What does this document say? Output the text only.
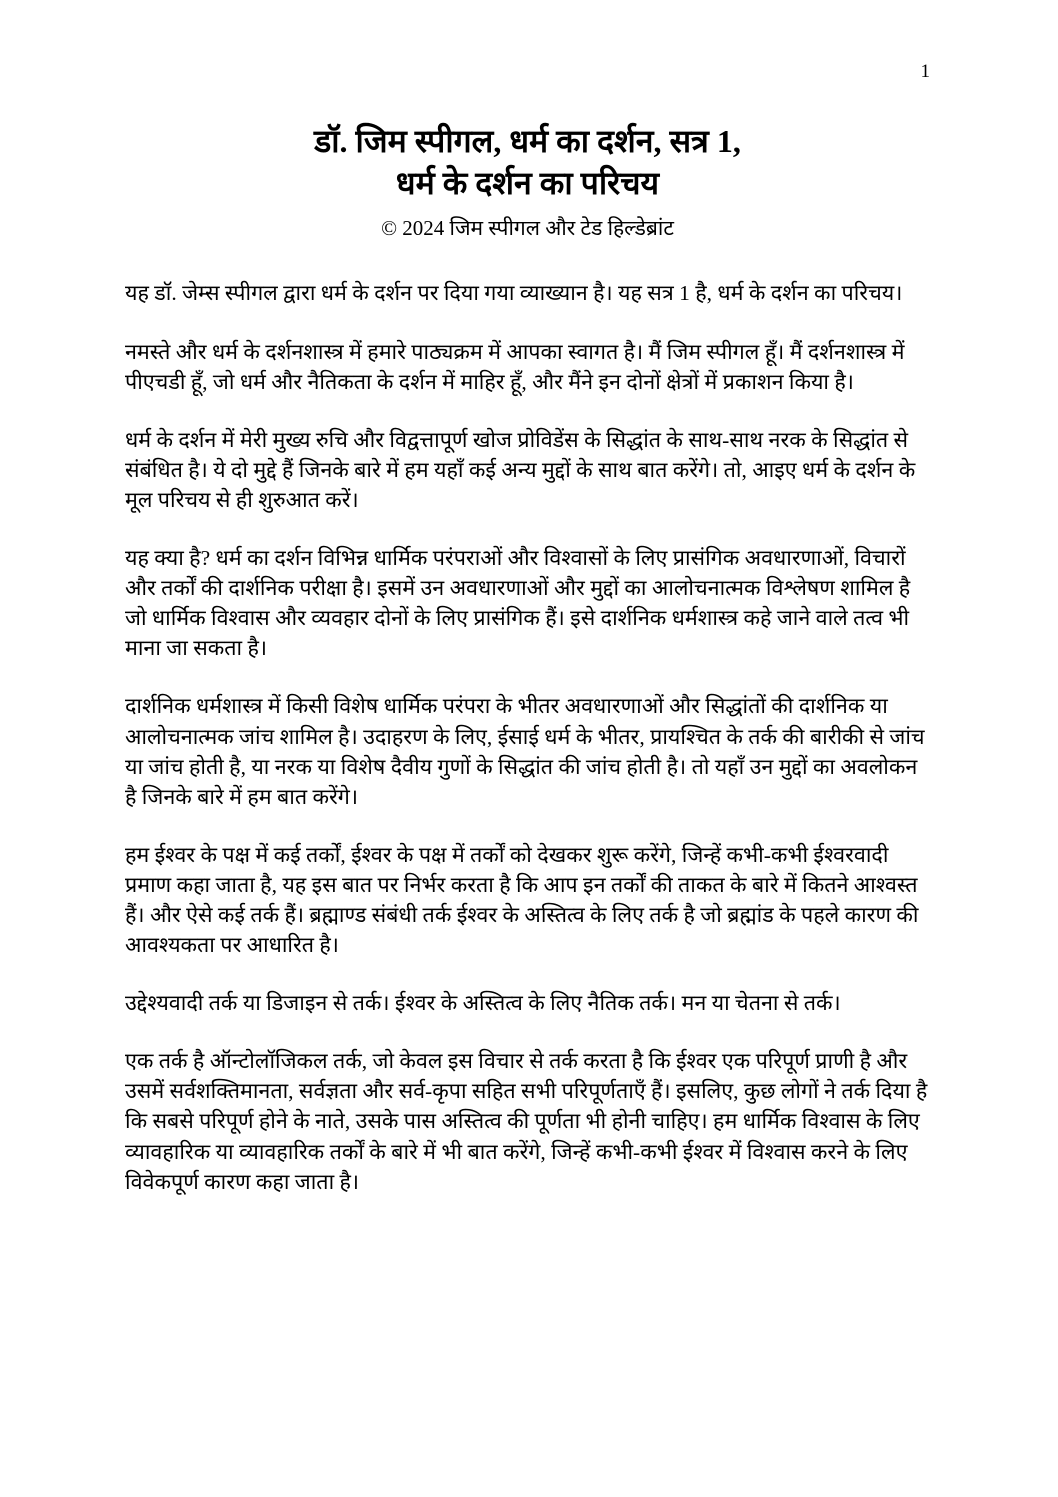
1
डॉ. जिम स्पीगल, धर्म का दर्शन, सत्र 1,
धर्म के दर्शन का परिचय
© 2024 जिम स्पीगल और टेड हिल्डेब्रांट

यह डॉ. जेम्स स्पीगल द्वारा धर्म के दर्शन पर दिया गया व्याख्यान है। यह सत्र 1 है, धर्म के दर्शन का परिचय।

नमस्ते और धर्म के दर्शनशास्त्र में हमारे पाठ्यक्रम में आपका स्वागत है। मैं जिम स्पीगल हूँ। मैं दर्शनशास्त्र में पीएचडी हूँ, जो धर्म और नैतिकता के दर्शन में माहिर हूँ, और मैंने इन दोनों क्षेत्रों में प्रकाशन किया है।

धर्म के दर्शन में मेरी मुख्य रुचि और विद्वत्तापूर्ण खोज प्रोविडेंस के सिद्धांत के साथ-साथ नरक के सिद्धांत से संबंधित है। ये दो मुद्दे हैं जिनके बारे में हम यहाँ कई अन्य मुद्दों के साथ बात करेंगे। तो, आइए धर्म के दर्शन के मूल परिचय से ही शुरुआत करें।

यह क्या है? धर्म का दर्शन विभिन्न धार्मिक परंपराओं और विश्वासों के लिए प्रासंगिक अवधारणाओं, विचारों और तर्कों की दार्शनिक परीक्षा है। इसमें उन अवधारणाओं और मुद्दों का आलोचनात्मक विश्लेषण शामिल है जो धार्मिक विश्वास और व्यवहार दोनों के लिए प्रासंगिक हैं। इसे दार्शनिक धर्मशास्त्र कहे जाने वाले तत्व भी माना जा सकता है।

दार्शनिक धर्मशास्त्र में किसी विशेष धार्मिक परंपरा के भीतर अवधारणाओं और सिद्धांतों की दार्शनिक या आलोचनात्मक जांच शामिल है। उदाहरण के लिए, ईसाई धर्म के भीतर, प्रायश्चित के तर्क की बारीकी से जांच या जांच होती है, या नरक या विशेष दैवीय गुणों के सिद्धांत की जांच होती है। तो यहाँ उन मुद्दों का अवलोकन है जिनके बारे में हम बात करेंगे।

हम ईश्वर के पक्ष में कई तर्कों, ईश्वर के पक्ष में तर्कों को देखकर शुरू करेंगे, जिन्हें कभी-कभी ईश्वरवादी प्रमाण कहा जाता है, यह इस बात पर निर्भर करता है कि आप इन तर्कों की ताकत के बारे में कितने आश्वस्त हैं। और ऐसे कई तर्क हैं। ब्रह्माण्ड संबंधी तर्क ईश्वर के अस्तित्व के लिए तर्क है जो ब्रह्मांड के पहले कारण की आवश्यकता पर आधारित है।

उद्देश्यवादी तर्क या डिजाइन से तर्क। ईश्वर के अस्तित्व के लिए नैतिक तर्क। मन या चेतना से तर्क।

एक तर्क है ऑन्टोलॉजिकल तर्क, जो केवल इस विचार से तर्क करता है कि ईश्वर एक परिपूर्ण प्राणी है और उसमें सर्वशक्तिमानता, सर्वज्ञता और सर्व-कृपा सहित सभी परिपूर्णताएँ हैं। इसलिए, कुछ लोगों ने तर्क दिया है कि सबसे परिपूर्ण होने के नाते, उसके पास अस्तित्व की पूर्णता भी होनी चाहिए। हम धार्मिक विश्वास के लिए व्यावहारिक या व्यावहारिक तर्कों के बारे में भी बात करेंगे, जिन्हें कभी-कभी ईश्वर में विश्वास करने के लिए विवेकपूर्ण कारण कहा जाता है।
